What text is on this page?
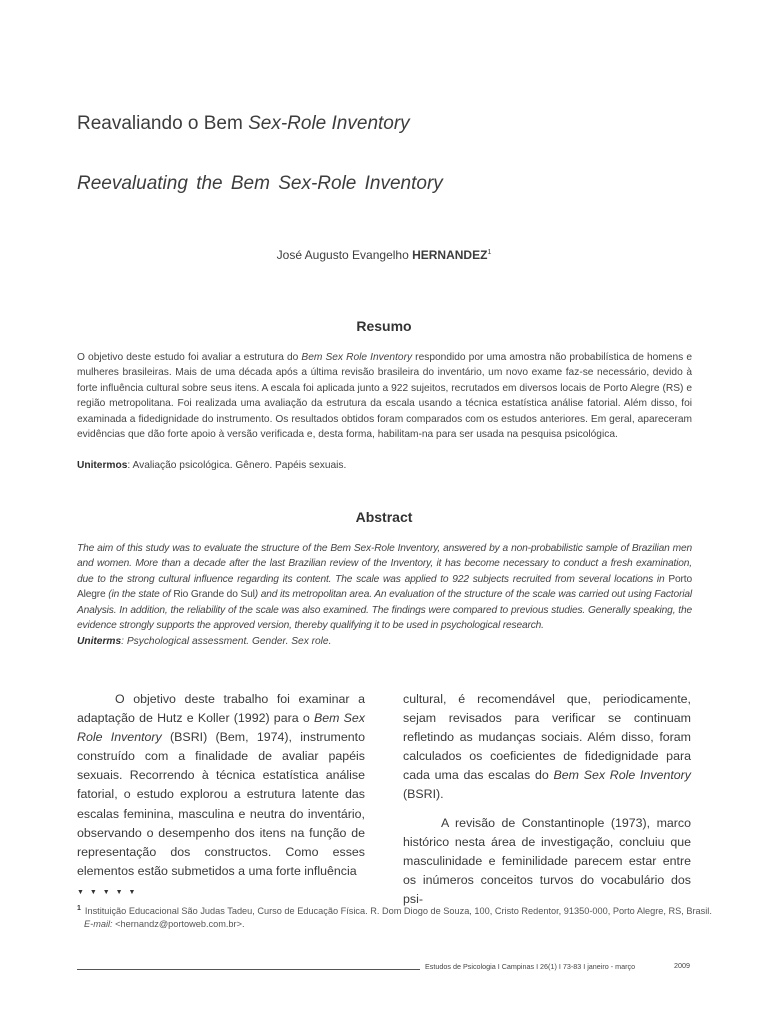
Reavaliando o Bem Sex-Role Inventory
Reevaluating the Bem Sex-Role Inventory
José Augusto Evangelho HERNANDEZ$^1$
Resumo
O objetivo deste estudo foi avaliar a estrutura do Bem Sex Role Inventory respondido por uma amostra não probabilística de homens e mulheres brasileiras. Mais de uma década após a última revisão brasileira do inventário, um novo exame faz-se necessário, devido à forte influência cultural sobre seus itens. A escala foi aplicada junto a 922 sujeitos, recrutados em diversos locais de Porto Alegre (RS) e região metropolitana. Foi realizada uma avaliação da estrutura da escala usando a técnica estatística análise fatorial. Além disso, foi examinada a fidedignidade do instrumento. Os resultados obtidos foram comparados com os estudos anteriores. Em geral, apareceram evidências que dão forte apoio à versão verificada e, desta forma, habilitam-na para ser usada na pesquisa psicológica.
Unitermos: Avaliação psicológica. Gênero. Papéis sexuais.
Abstract
The aim of this study was to evaluate the structure of the Bem Sex-Role Inventory, answered by a non-probabilistic sample of Brazilian men and women. More than a decade after the last Brazilian review of the Inventory, it has become necessary to conduct a fresh examination, due to the strong cultural influence regarding its content. The scale was applied to 922 subjects recruited from several locations in Porto Alegre (in the state of Rio Grande do Sul) and its metropolitan area. An evaluation of the structure of the scale was carried out using Factorial Analysis. In addition, the reliability of the scale was also examined. The findings were compared to previous studies. Generally speaking, the evidence strongly supports the approved version, thereby qualifying it to be used in psychological research.
Uniterms: Psychological assessment. Gender. Sex role.

O objetivo deste trabalho foi examinar a adaptação de Hutz e Koller (1992) para o Bem Sex Role Inventory (BSRI) (Bem, 1974), instrumento construído com a finalidade de avaliar papéis sexuais. Recorrendo à técnica estatística análise fatorial, o estudo explorou a estrutura latente das escalas feminina, masculina e neutra do inventário, observando o desempenho dos itens na função de representação dos constructos. Como esses elementos estão submetidos a uma forte influência

cultural, é recomendável que, periodicamente, sejam revisados para verificar se continuam refletindo as mudanças sociais. Além disso, foram calculados os coeficientes de fidedignidade para cada uma das escalas do Bem Sex Role Inventory (BSRI).

A revisão de Constantinople (1973), marco histórico nesta área de investigação, concluiu que masculinidade e feminilidade parecem estar entre os inúmeros conceitos turvos do vocabulário dos psi-

▼ ▼ ▼ ▼ ▼
$^1$ Instituição Educacional São Judas Tadeu, Curso de Educação Física. R. Dom Diogo de Souza, 100, Cristo Redentor, 91350-000, Porto Alegre, RS, Brasil.
E-mail: <hernandz@portoweb.com.br>.
Estudos de Psicologia I Campinas I 26(1) I 73-83 I janeiro - março	2009
